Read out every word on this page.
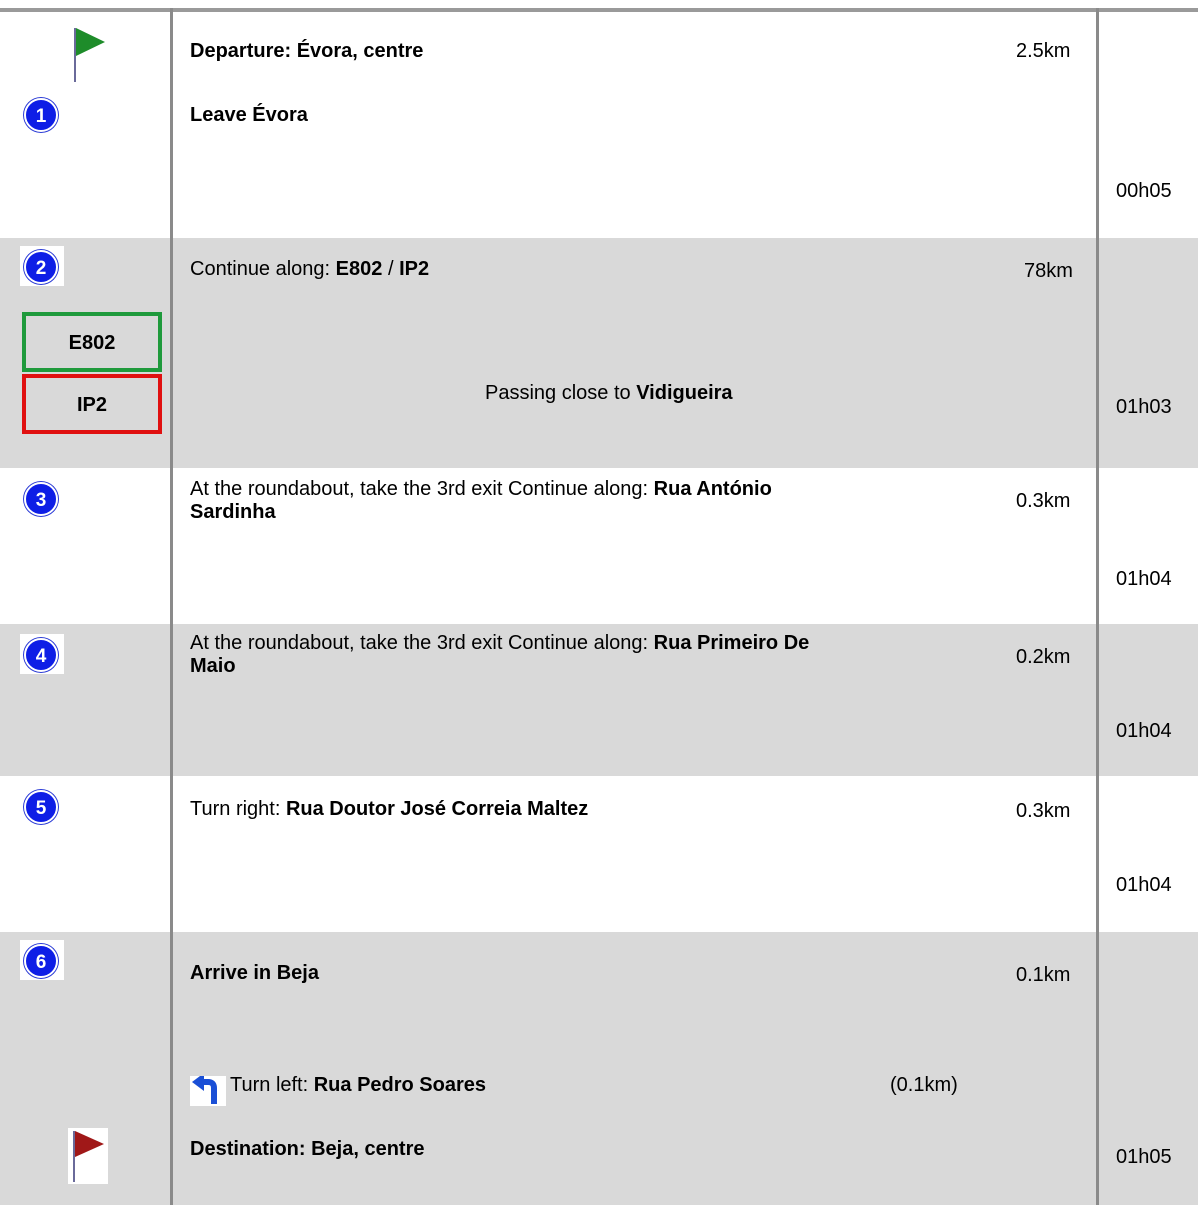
Departure: Évora, centre	2.5km
1	Leave Évora
00h05
2	Continue along: E802 / IP2	78km
E802
IP2
Passing close to Vidigueira
01h03
3
At the roundabout, take the 3rd exit Continue along: Rua António
Sardinha	0.3km
01h04
4
At the roundabout, take the 3rd exit Continue along: Rua Primeiro De
Maio	0.2km
01h04
5	Turn right: Rua Doutor José Correia Maltez	0.3km
01h04
6	Arrive in Beja	0.1km
Turn left: Rua Pedro Soares	(0.1km)
Destination: Beja, centre	01h05
